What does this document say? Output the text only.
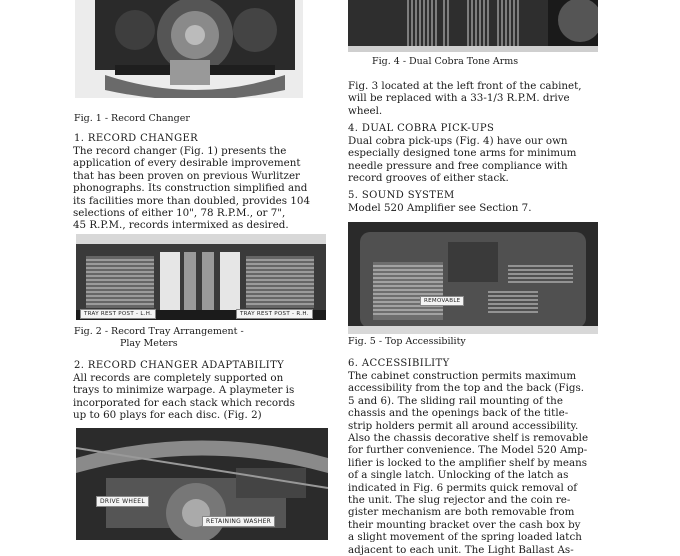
Fig. 1 - Record Changer
1. RECORD CHANGER
The record changer (Fig. 1) presents the
application of every desirable improvement
that has been proven on previous Wurlitzer
phonographs. Its construction simplified and
its facilities more than doubled, provides 104
selections of either 10", 78 R.P.M., or 7",
45 R.P.M., records intermixed as desired.
TRAY REST POST - L.H.	TRAY REST POST - R.H.
Fig. 2 - Record Tray Arrangement -
Play Meters
2. RECORD CHANGER ADAPTABILITY
All records are completely supported on
trays to minimize warpage. A playmeter is
incorporated for each stack which records
up to 60 plays for each disc. (Fig. 2)
DRIVE WHEEL
RETAINING WASHER
Fig. 4 - Dual Cobra Tone Arms
Fig. 3 located at the left front of the cabinet,
will be replaced with a 33-1/3 R.P.M. drive
wheel.
4. DUAL COBRA PICK-UPS
Dual cobra pick-ups (Fig. 4) have our own
especially designed tone arms for minimum
needle pressure and free compliance with
record grooves of either stack.
5. SOUND SYSTEM
Model 520 Amplifier see Section 7.
REMOVABLE
Fig. 5 - Top Accessibility
6. ACCESSIBILITY
The cabinet construction permits maximum
accessibility from the top and the back (Figs.
5 and 6). The sliding rail mounting of the
chassis and the openings back of the title-
strip holders permit all around accessibility.
Also the chassis decorative shelf is removable
for further convenience. The Model 520 Amp-
lifier is locked to the amplifier shelf by means
of a single latch. Unlocking of the latch as
indicated in Fig. 6 permits quick removal of
the unit. The slug rejector and the coin re-
gister mechanism are both removable from
their mounting bracket over the cash box by
a slight movement of the spring loaded latch
adjacent to each unit. The Light Ballast As-
